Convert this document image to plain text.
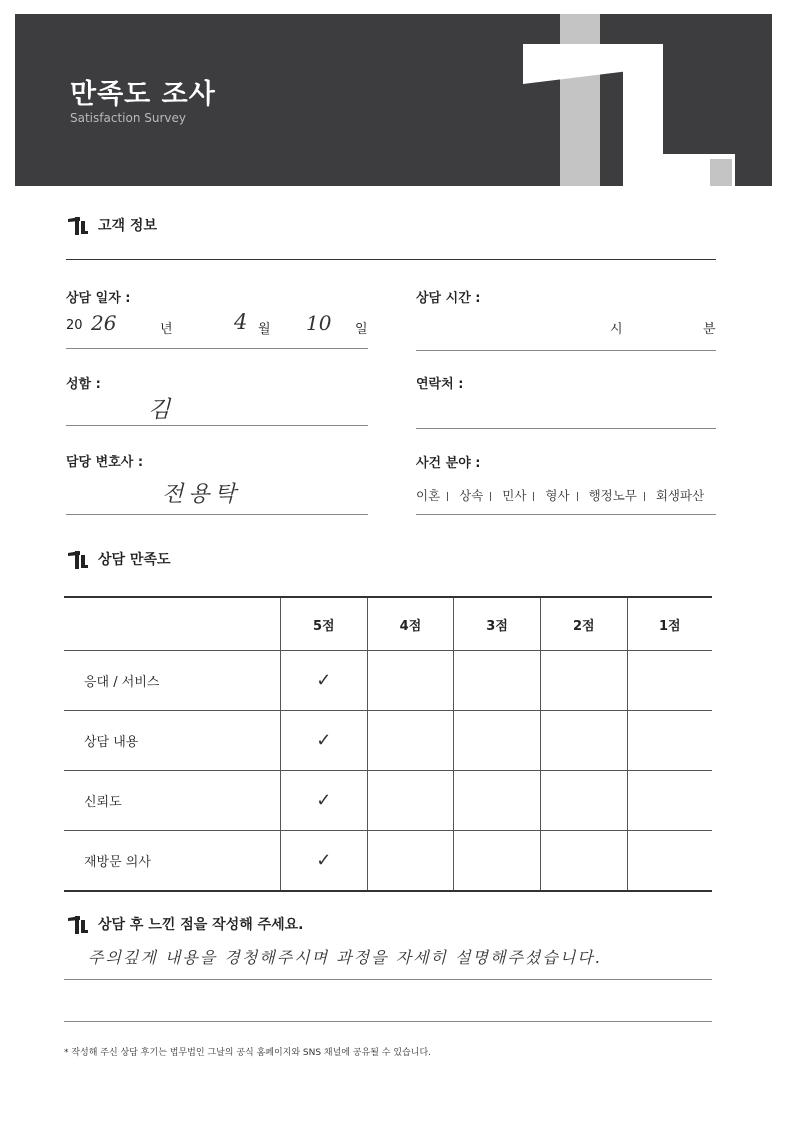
만족도 조사
Satisfaction Survey
고객 정보
상담 일자 :
20 26	년	4 월 10 일
상담 시간 :
시	분
성함 :
김
연락처 :
담당 변호사 :
전용탁
사건 분야 :
이혼 상속 민사 형사 행정노무 회생파산
상담 만족도
	5점	4점	3점	2점	1점
응대 / 서비스	✓				
상담 내용	✓				
신뢰도	✓				
재방문 의사	✓				
상담 후 느낀 점을 작성해 주세요.
주의깊게 내용을 경청해주시며 과정을 자세히 설명해주셨습니다.
* 작성해 주신 상담 후기는 법무법인 그날의 공식 홈페이지와 SNS 채널에 공유될 수 있습니다.
